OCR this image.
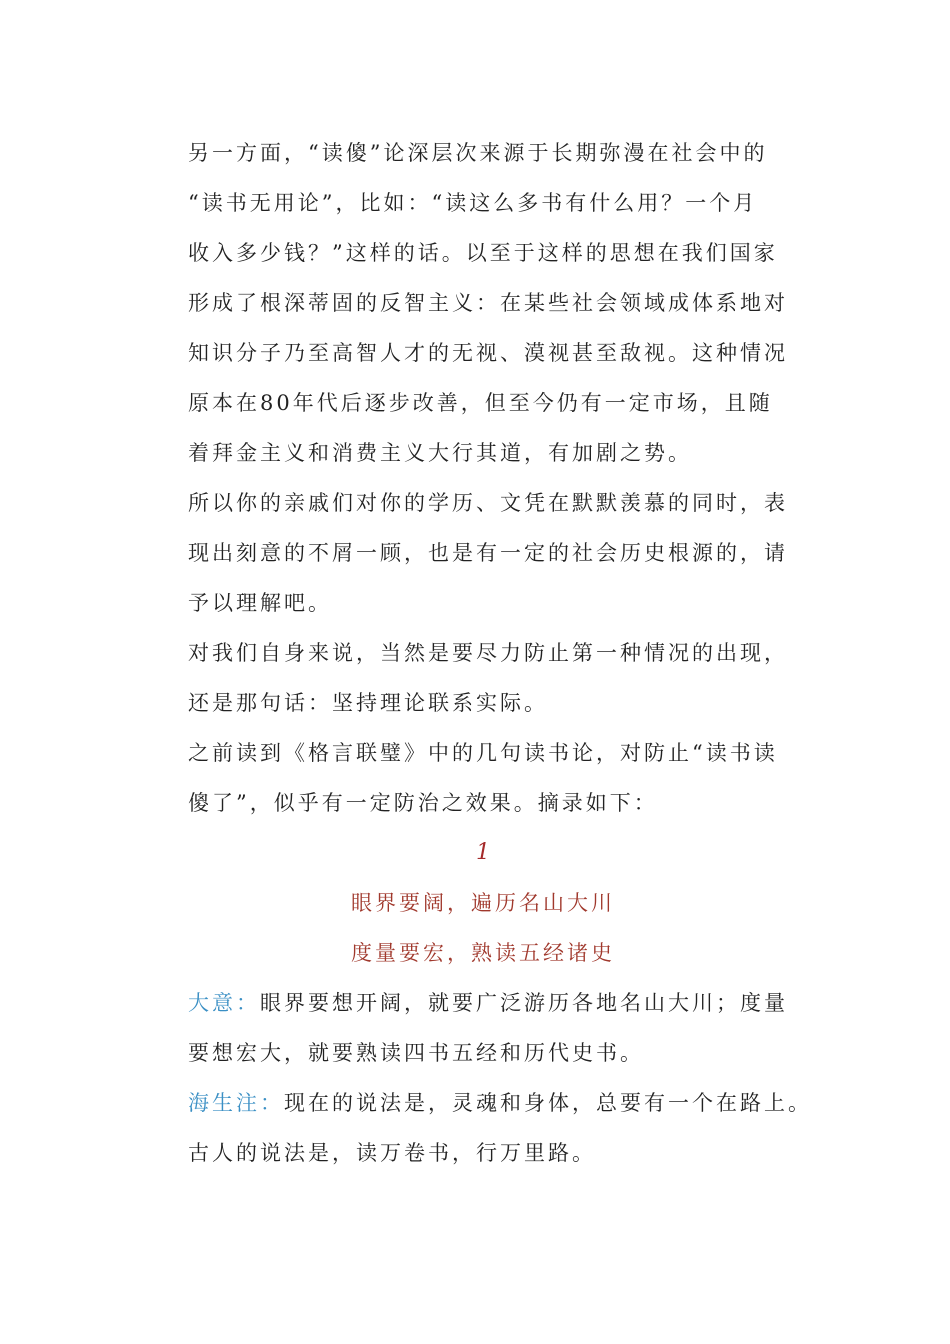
另一方面，“读傻”论深层次来源于长期弥漫在社会中的
“读书无用论”，比如：“读这么多书有什么用？一个月
收入多少钱？”这样的话。以至于这样的思想在我们国家
形成了根深蒂固的反智主义：在某些社会领域成体系地对
知识分子乃至高智人才的无视、漠视甚至敌视。这种情况
原本在80年代后逐步改善，但至今仍有一定市场，且随
着拜金主义和消费主义大行其道，有加剧之势。
所以你的亲戚们对你的学历、文凭在默默羡慕的同时，表
现出刻意的不屑一顾，也是有一定的社会历史根源的，请
予以理解吧。
对我们自身来说，当然是要尽力防止第一种情况的出现，
还是那句话：坚持理论联系实际。
之前读到《格言联璧》中的几句读书论，对防止“读书读
傻了”，似乎有一定防治之效果。摘录如下：

1

眼界要阔，遍历名山大川

度量要宏，熟读五经诸史

大意：眼界要想开阔，就要广泛游历各地名山大川；度量
要想宏大，就要熟读四书五经和历代史书。
海生注：现在的说法是，灵魂和身体，总要有一个在路上。
古人的说法是，读万卷书，行万里路。
